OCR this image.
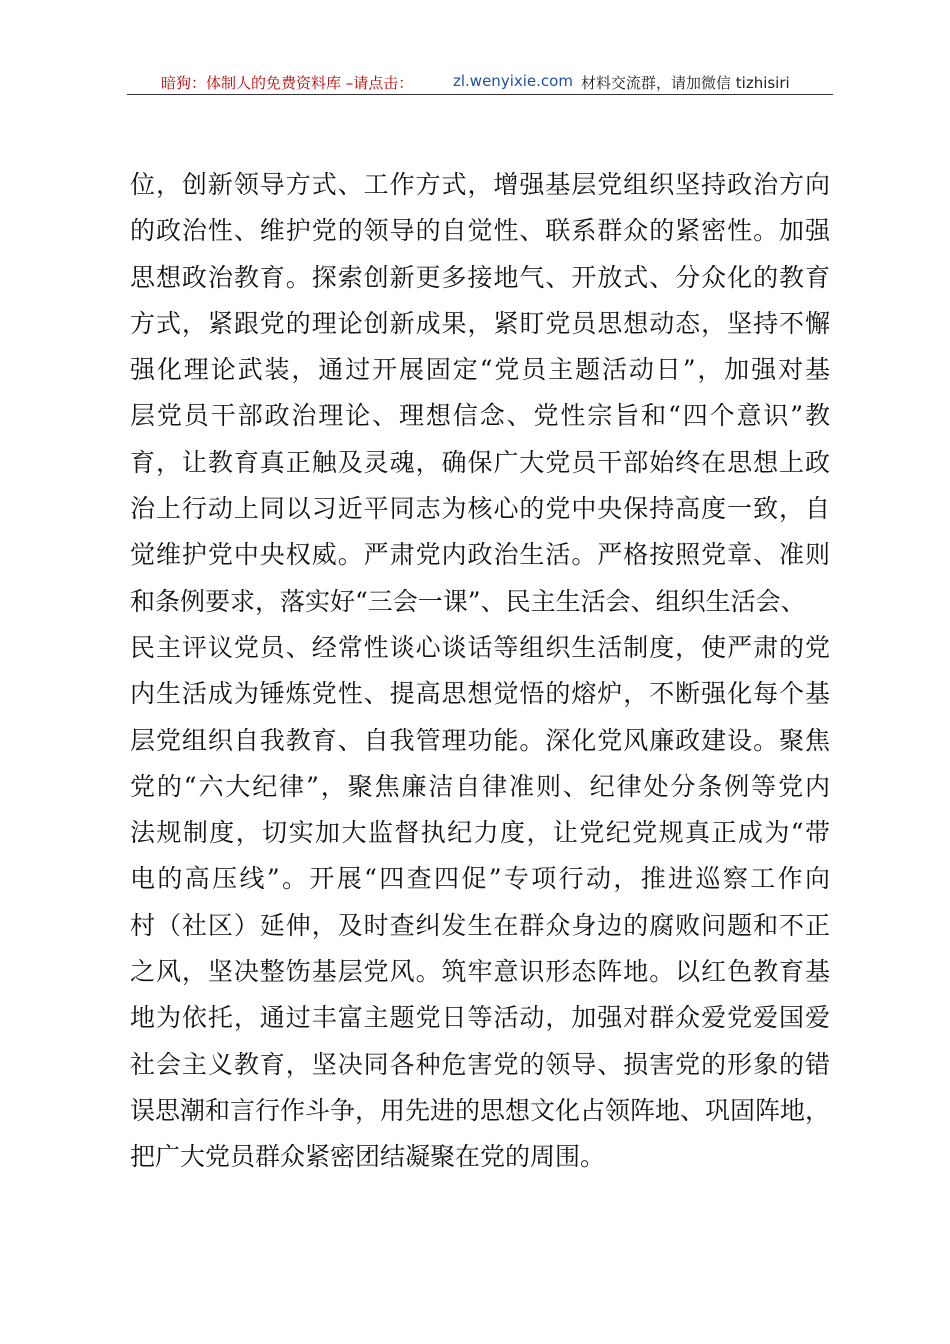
暗狗：体制人的免费资料库 –请点击：	zl.wenyixie.com 材料交流群，请加微信 tizhisiri
位，创新领导方式、工作方式，增强基层党组织坚持政治方向
的政治性、维护党的领导的自觉性、联系群众的紧密性。加强
思想政治教育。探索创新更多接地气、开放式、分众化的教育
方式，紧跟党的理论创新成果，紧盯党员思想动态，坚持不懈
强化理论武装，通过开展固定“党员主题活动日”，加强对基
层党员干部政治理论、理想信念、党性宗旨和“四个意识”教
育，让教育真正触及灵魂，确保广大党员干部始终在思想上政
治上行动上同以习近平同志为核心的党中央保持高度一致，自
觉维护党中央权威。严肃党内政治生活。严格按照党章、准则
和条例要求，落实好“三会一课”、民主生活会、组织生活会、
民主评议党员、经常性谈心谈话等组织生活制度，使严肃的党
内生活成为锤炼党性、提高思想觉悟的熔炉，不断强化每个基
层党组织自我教育、自我管理功能。深化党风廉政建设。聚焦
党的“六大纪律”，聚焦廉洁自律准则、纪律处分条例等党内
法规制度，切实加大监督执纪力度，让党纪党规真正成为“带
电的高压线”。开展“四查四促”专项行动，推进巡察工作向
村（社区）延伸，及时查纠发生在群众身边的腐败问题和不正
之风，坚决整饬基层党风。筑牢意识形态阵地。以红色教育基
地为依托，通过丰富主题党日等活动，加强对群众爱党爱国爱
社会主义教育，坚决同各种危害党的领导、损害党的形象的错
误思潮和言行作斗争，用先进的思想文化占领阵地、巩固阵地，
把广大党员群众紧密团结凝聚在党的周围。
